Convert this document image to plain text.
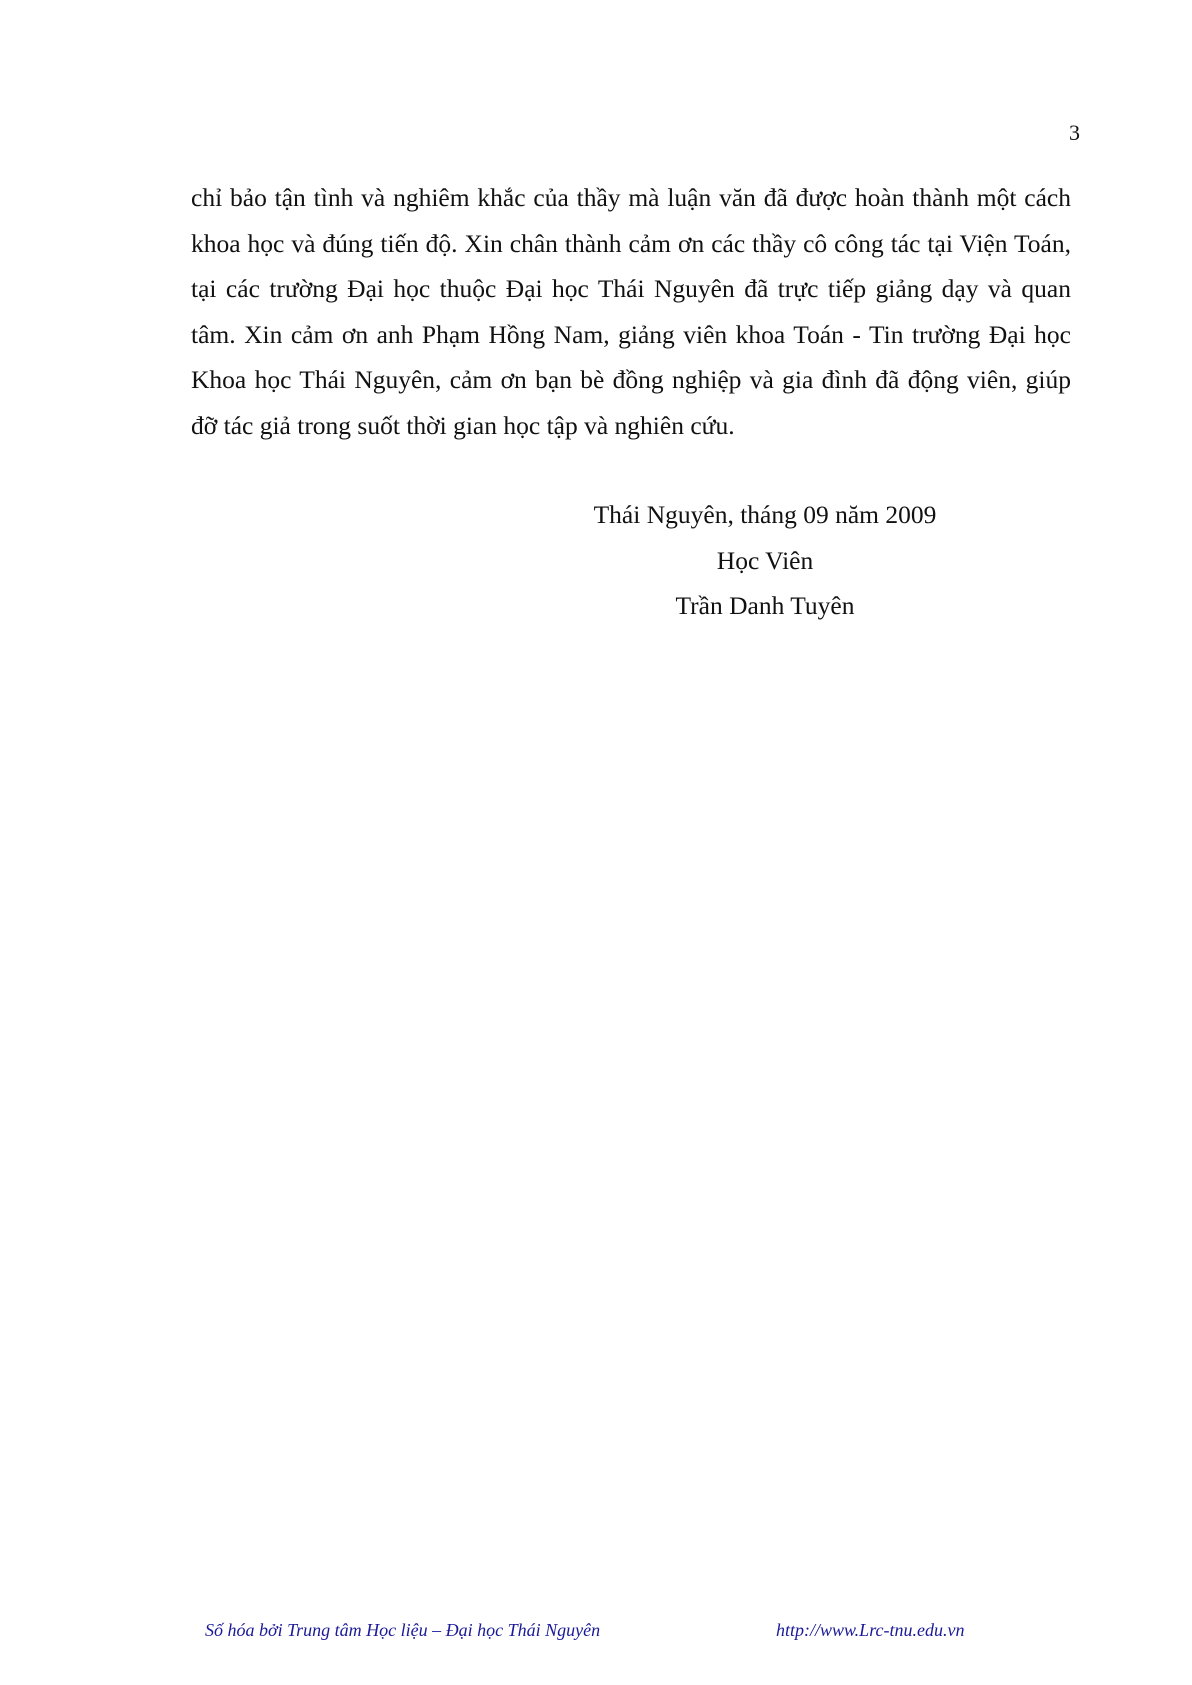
3

chỉ bảo tận tình và nghiêm khắc của thầy mà luận văn đã được hoàn thành một cách khoa học và đúng tiến độ. Xin chân thành cảm ơn các thầy cô công tác tại Viện Toán, tại các trường Đại học thuộc Đại học Thái Nguyên đã trực tiếp giảng dạy và quan tâm. Xin cảm ơn anh Phạm Hồng Nam, giảng viên khoa Toán - Tin trường Đại học Khoa học Thái Nguyên, cảm ơn bạn bè đồng nghiệp và gia đình đã động viên, giúp đỡ tác giả trong suốt thời gian học tập và nghiên cứu.

Thái Nguyên, tháng 09 năm 2009
Học Viên
Trần Danh Tuyên
Số hóa bởi Trung tâm Học liệu – Đại học Thái Nguyên	http://www.Lrc-tnu.edu.vn
